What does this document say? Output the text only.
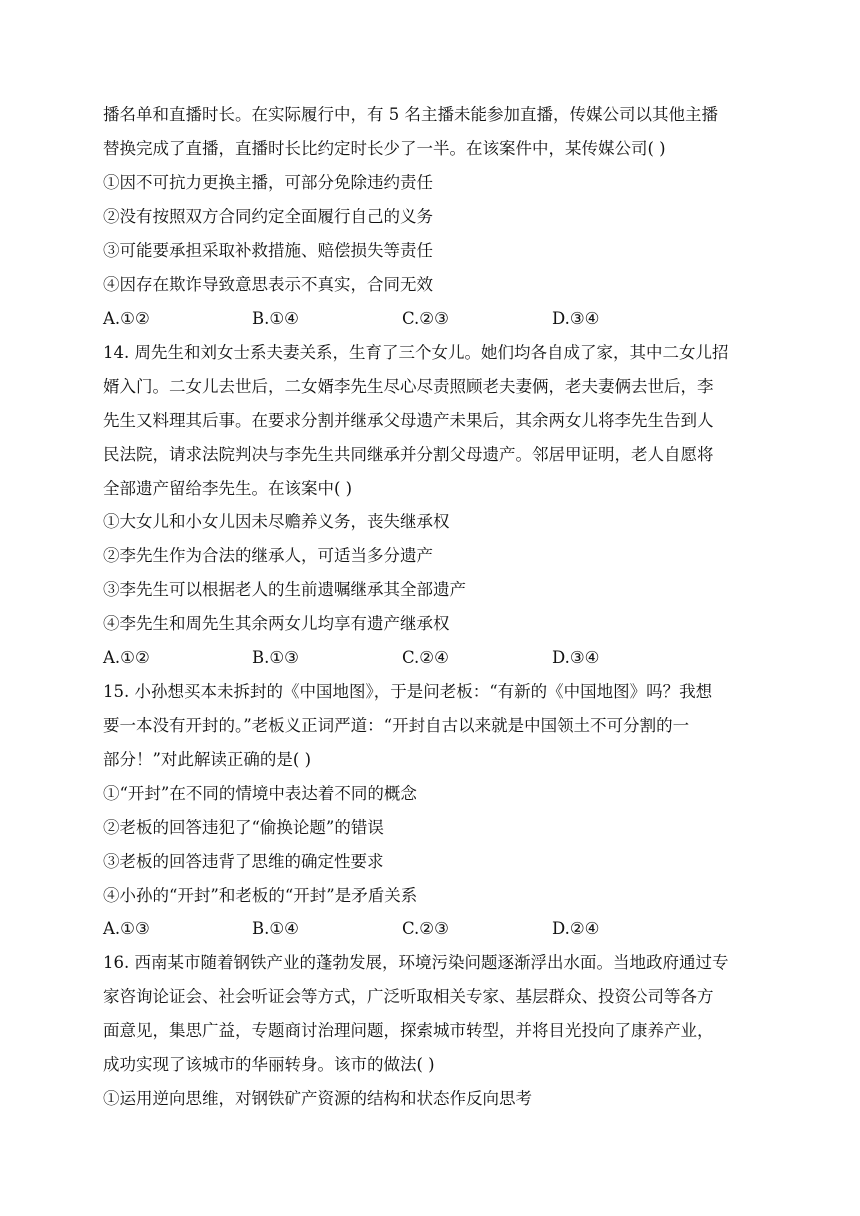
播名单和直播时长。在实际履行中，有 5 名主播未能参加直播，传媒公司以其他主播
替换完成了直播，直播时长比约定时长少了一半。在该案件中，某传媒公司( )
①因不可抗力更换主播，可部分免除违约责任
②没有按照双方合同约定全面履行自己的义务
③可能要承担采取补救措施、赔偿损失等责任
④因存在欺诈导致意思表示不真实，合同无效
A.①②	B.①④	C.②③	D.③④
14. 周先生和刘女士系夫妻关系，生育了三个女儿。她们均各自成了家，其中二女儿招
婿入门。二女儿去世后，二女婿李先生尽心尽责照顾老夫妻俩，老夫妻俩去世后，李
先生又料理其后事。在要求分割并继承父母遗产未果后，其余两女儿将李先生告到人
民法院，请求法院判决与李先生共同继承并分割父母遗产。邻居甲证明，老人自愿将
全部遗产留给李先生。在该案中( )
①大女儿和小女儿因未尽赡养义务，丧失继承权
②李先生作为合法的继承人，可适当多分遗产
③李先生可以根据老人的生前遗嘱继承其全部遗产
④李先生和周先生其余两女儿均享有遗产继承权
A.①②	B.①③	C.②④	D.③④
15. 小孙想买本未拆封的《中国地图》，于是问老板：“有新的《中国地图》吗？我想
要一本没有开封的。”老板义正词严道：“开封自古以来就是中国领土不可分割的一
部分！”对此解读正确的是( )
①“开封”在不同的情境中表达着不同的概念
②老板的回答违犯了“偷换论题”的错误
③老板的回答违背了思维的确定性要求
④小孙的“开封”和老板的“开封”是矛盾关系
A.①③	B.①④	C.②③	D.②④
16. 西南某市随着钢铁产业的蓬勃发展，环境污染问题逐渐浮出水面。当地政府通过专
家咨询论证会、社会听证会等方式，广泛听取相关专家、基层群众、投资公司等各方
面意见，集思广益，专题商讨治理问题，探索城市转型，并将目光投向了康养产业，
成功实现了该城市的华丽转身。该市的做法( )
①运用逆向思维，对钢铁矿产资源的结构和状态作反向思考
